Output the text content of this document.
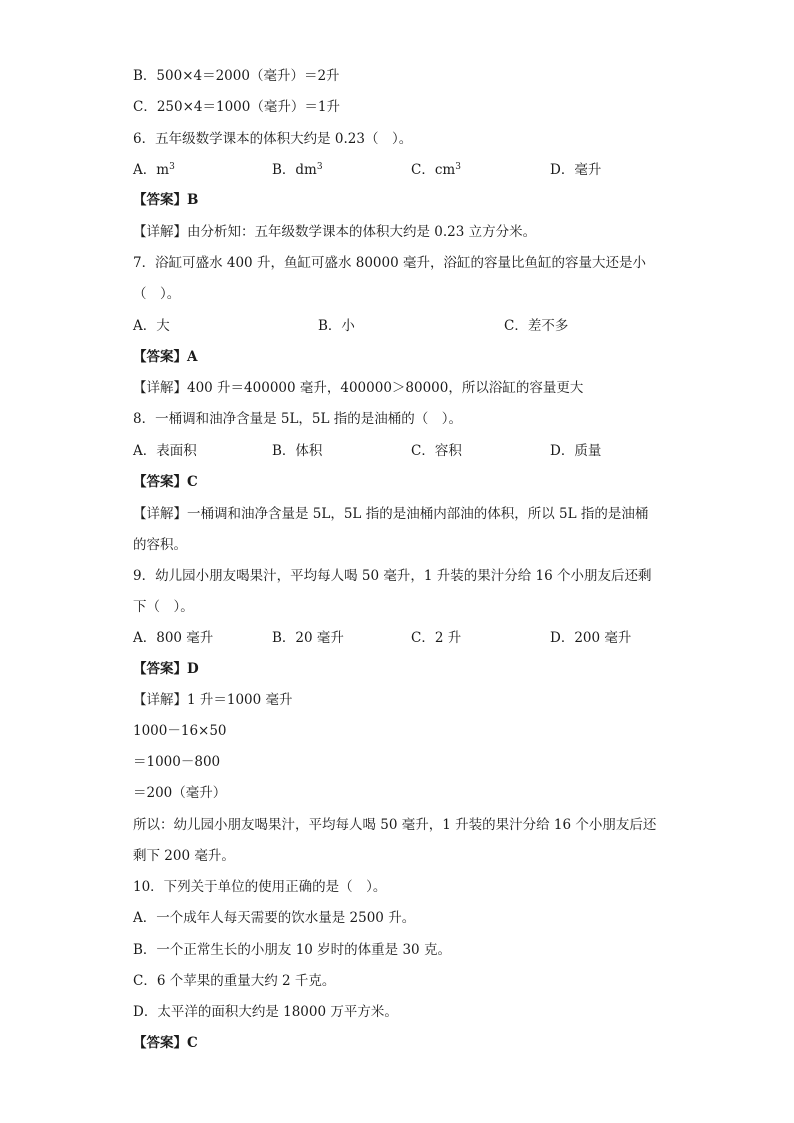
B．500×4＝2000（毫升）＝2升
C．250×4＝1000（毫升）＝1升
6．五年级数学课本的体积大约是 0.23（　）。
A．$m^3$	B．$dm^3$	C．$cm^3$	D．毫升
【答案】B
【详解】由分析知：五年级数学课本的体积大约是 0.23 立方分米。
7．浴缸可盛水 400 升，鱼缸可盛水 80000 毫升，浴缸的容量比鱼缸的容量大还是小
（　）。
A．大	B．小	C．差不多
【答案】A
【详解】400 升＝400000 毫升，400000＞80000，所以浴缸的容量更大
8．一桶调和油净含量是 5L，5L 指的是油桶的（　）。
A．表面积	B．体积	C．容积	D．质量
【答案】C
【详解】一桶调和油净含量是 5L，5L 指的是油桶内部油的体积，所以 5L 指的是油桶
的容积。
9．幼儿园小朋友喝果汁，平均每人喝 50 毫升，1 升装的果汁分给 16 个小朋友后还剩
下（　）。
A．800 毫升	B．20 毫升	C．2 升	D．200 毫升
【答案】D
【详解】1 升＝1000 毫升
1000－16×50
＝1000－800
＝200（毫升）
所以：幼儿园小朋友喝果汁，平均每人喝 50 毫升，1 升装的果汁分给 16 个小朋友后还
剩下 200 毫升。
10．下列关于单位的使用正确的是（　）。
A．一个成年人每天需要的饮水量是 2500 升。
B．一个正常生长的小朋友 10 岁时的体重是 30 克。
C．6 个苹果的重量大约 2 千克。
D．太平洋的面积大约是 18000 万平方米。
【答案】C
